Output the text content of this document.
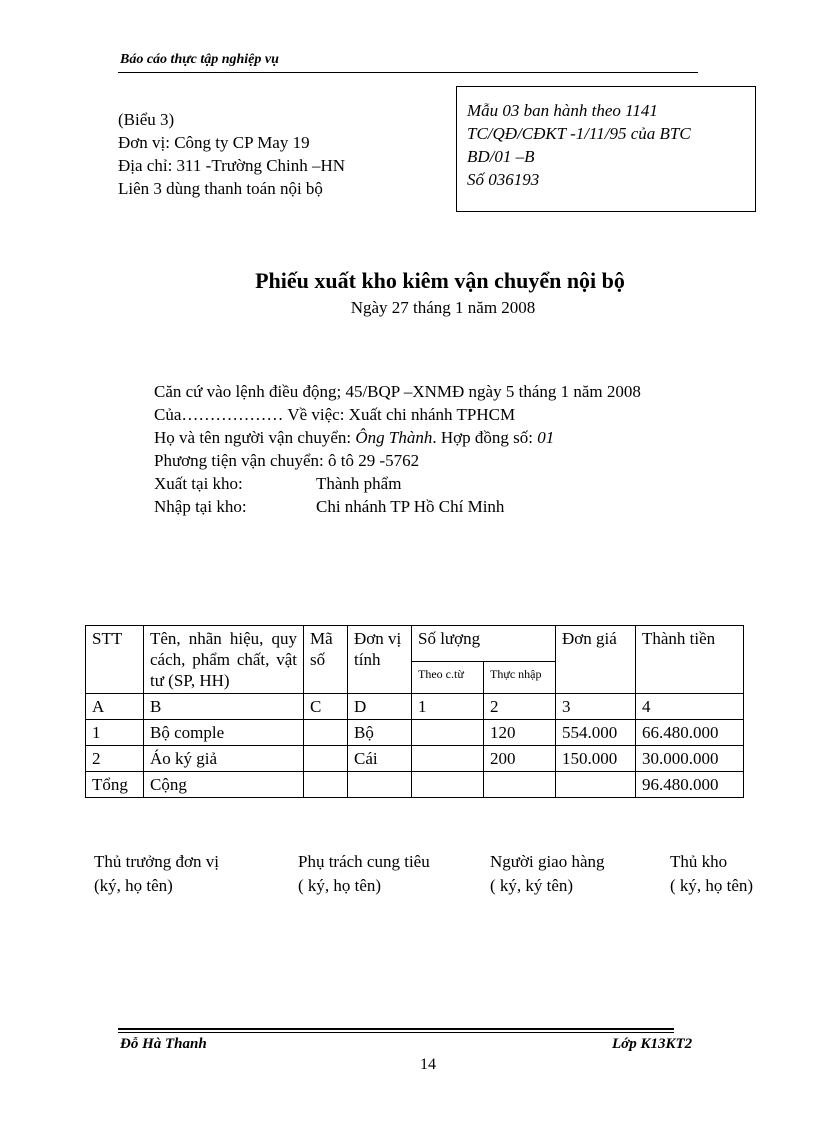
Báo cáo thực tập nghiệp vụ
(Biểu 3)
Đơn vị: Công ty CP May 19
Địa chỉ: 311 -Trường Chinh –HN
Liên 3 dùng thanh toán nội bộ
Mẫu 03 ban hành theo 1141
TC/QĐ/CĐKT -1/11/95 của BTC
BD/01 –B
Số 036193
Phiếu xuất kho kiêm vận chuyển nội bộ
Ngày 27 tháng 1 năm 2008
Căn cứ vào lệnh điều động; 45/BQP –XNMĐ ngày 5 tháng 1 năm 2008
Của……………… Về việc: Xuất chi nhánh TPHCM
Họ và tên người vận chuyển: Ông Thành. Hợp đồng số: 01
Phương tiện vận chuyển: ô tô 29 -5762
Xuất tại kho:	Thành phẩm
Nhập tại kho:	Chi nhánh TP Hồ Chí Minh
STT	Tên, nhãn hiệu, quy cách, phẩm chất, vật tư (SP, HH)	Mã số	Đơn vị tính	Số lượng		Đơn giá	Thành tiền
				Theo c.từ	Thực nhập		
A	B	C	D	1	2	3	4
1	Bộ comple		Bộ		120	554.000	66.480.000
2	Áo ký giả		Cái		200	150.000	30.000.000
Tổng	Cộng						96.480.000
Thủ trưởng đơn vị
(ký, họ tên)
Phụ trách cung tiêu
( ký, họ tên)
Người giao hàng
( ký, ký tên)
Thủ kho
( ký, họ tên)
Đỗ Hà Thanh	Lớp K13KT2
14
